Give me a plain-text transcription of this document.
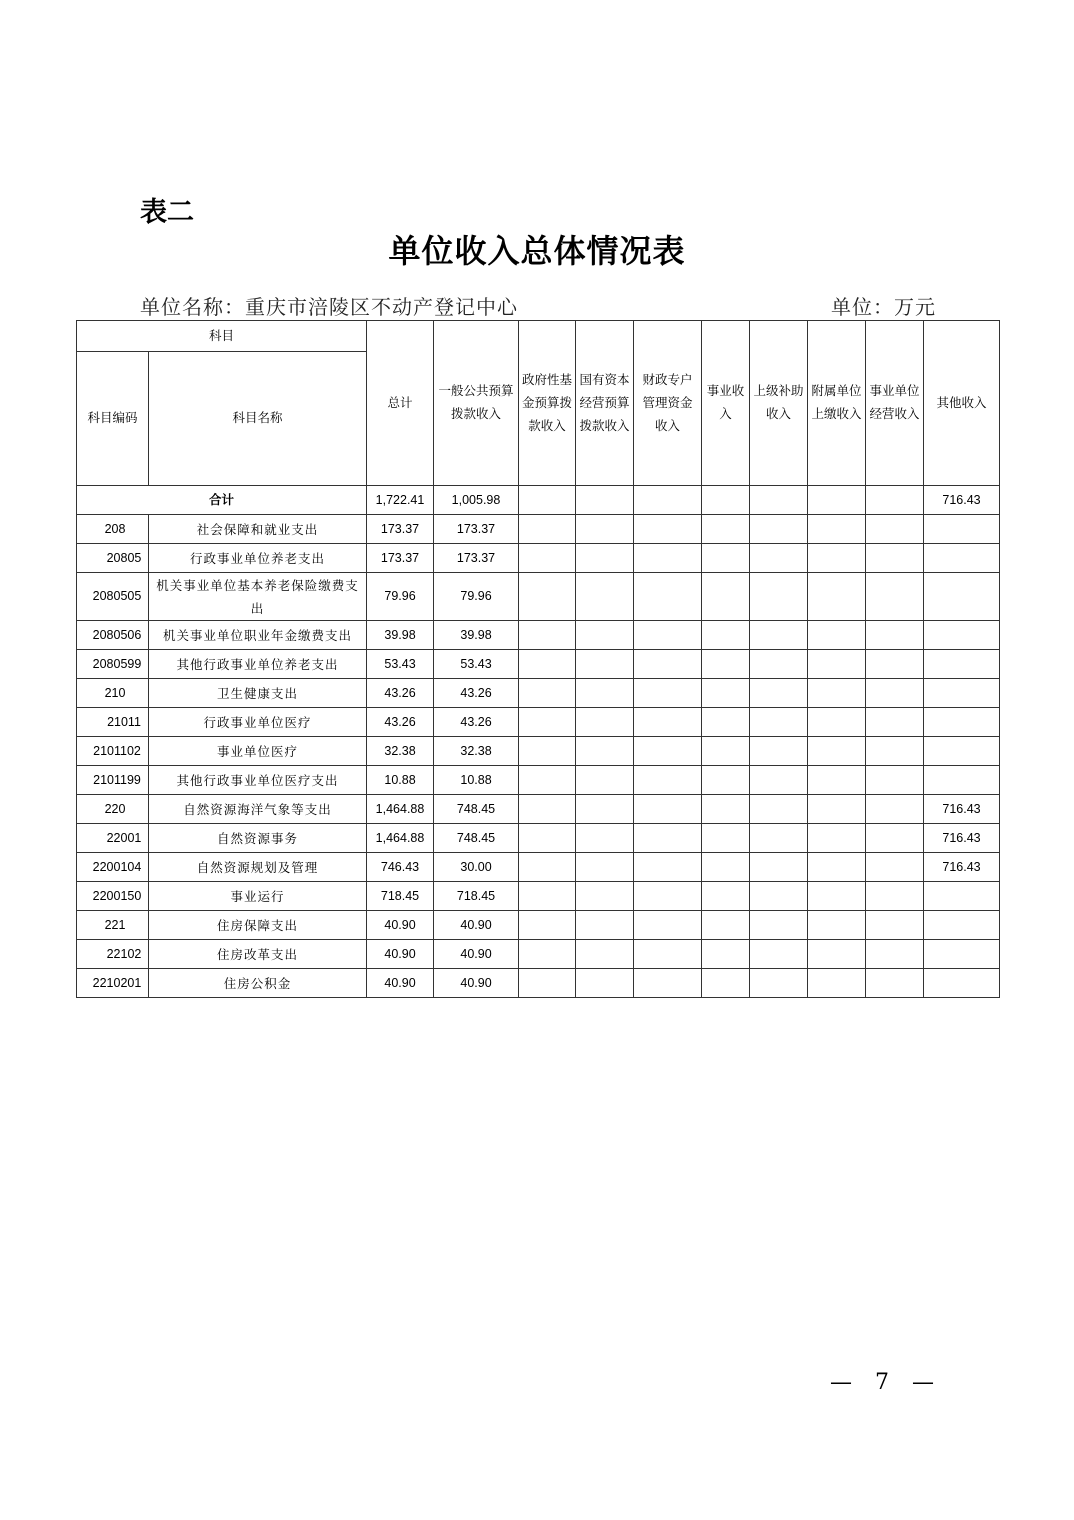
表二
单位收入总体情况表
单位名称：重庆市涪陵区不动产登记中心	单位：万元
科目		总计	一般公共预算拨款收入	政府性基金预算拨款收入	国有资本经营预算拨款收入	财政专户管理资金收入	事业收入	上级补助收入	附属单位上缴收入	事业单位经营收入	其他收入
科目编码	科目名称										
合计		1,722.41	1,005.98								716.43
208	社会保障和就业支出	173.37	173.37								
20805	行政事业单位养老支出	173.37	173.37								
2080505	机关事业单位基本养老保险缴费支出	79.96	79.96								
2080506	机关事业单位职业年金缴费支出	39.98	39.98								
2080599	其他行政事业单位养老支出	53.43	53.43								
210	卫生健康支出	43.26	43.26								
21011	行政事业单位医疗	43.26	43.26								
2101102	事业单位医疗	32.38	32.38								
2101199	其他行政事业单位医疗支出	10.88	10.88								
220	自然资源海洋气象等支出	1,464.88	748.45								716.43
22001	自然资源事务	1,464.88	748.45								716.43
2200104	自然资源规划及管理	746.43	30.00								716.43
2200150	事业运行	718.45	718.45								
221	住房保障支出	40.90	40.90								
22102	住房改革支出	40.90	40.90								
2210201	住房公积金	40.90	40.90								
— 7 —
